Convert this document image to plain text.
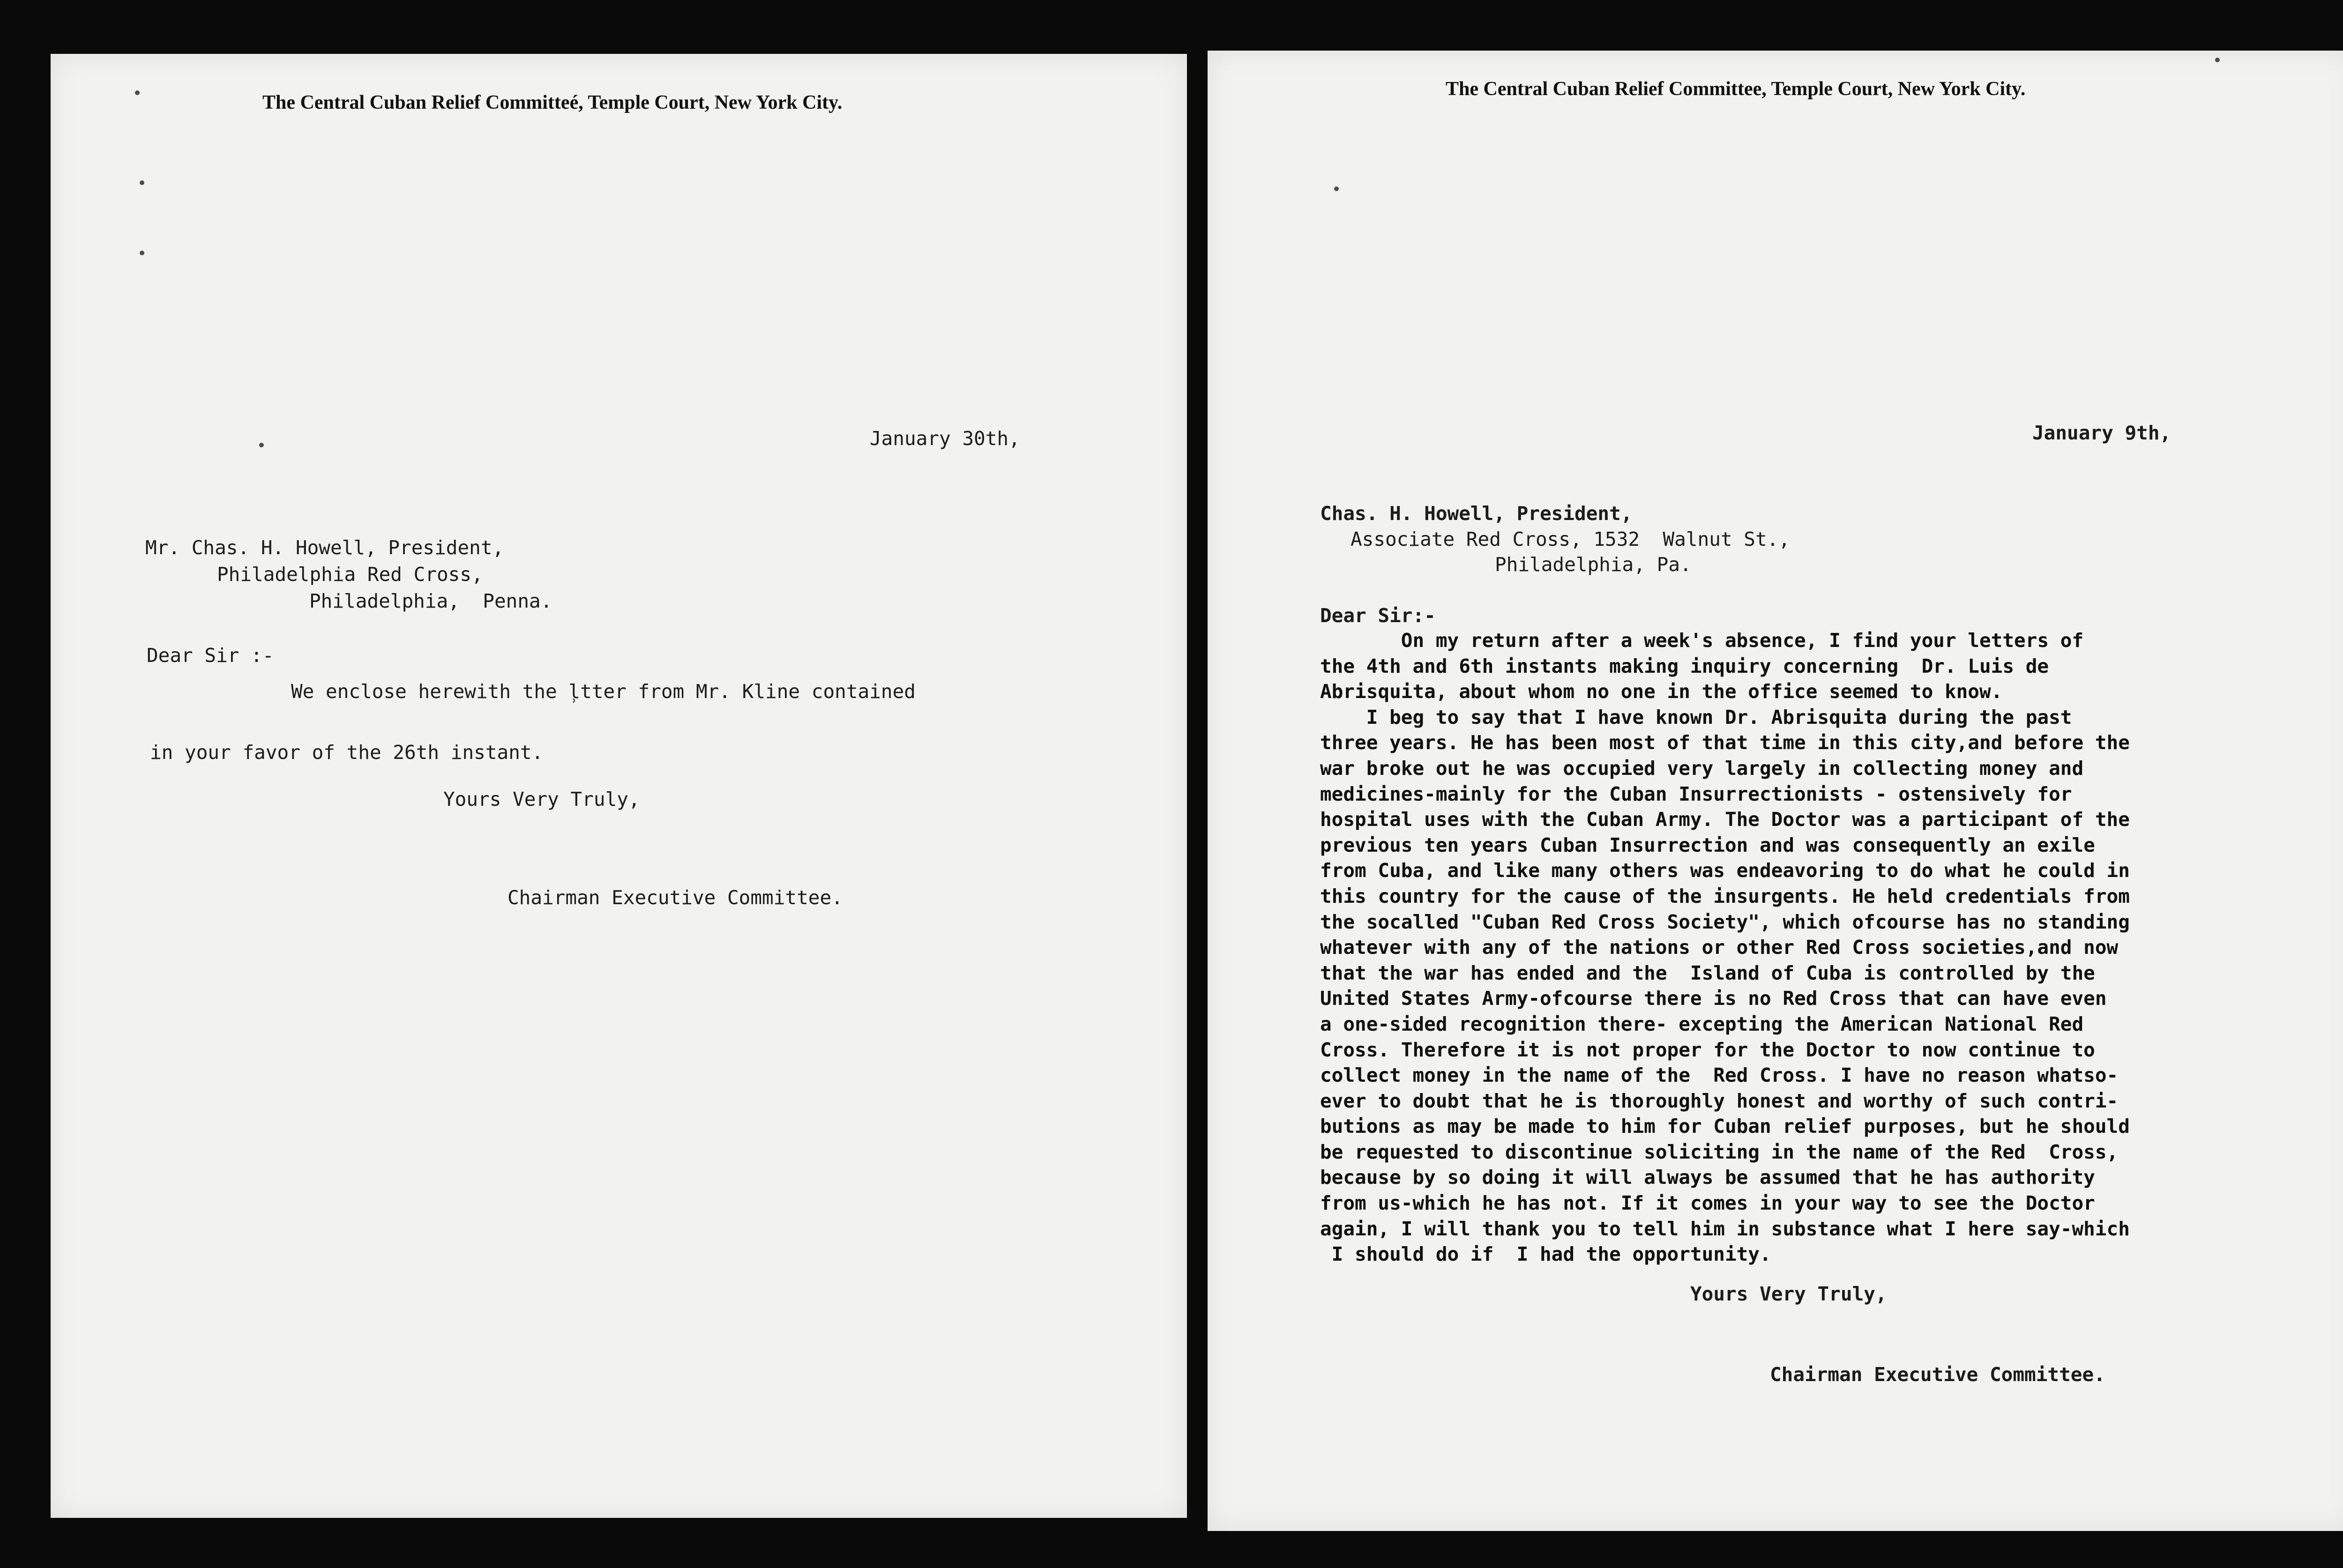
The Central Cuban Relief Committeé, Temple Court, New York City.
January 30th,
Mr. Chas. H. Howell, President,
Philadelphia Red Cross,
Philadelphia,  Penna.
Dear Sir :-
We enclose herewith the l̹tter from Mr. Kline contained
in your favor of the 26th instant.
Yours Very Truly,
Chairman Executive Committee.
The Central Cuban Relief Committee, Temple Court, New York City.
January 9th,
Chas. H. Howell, President,
Associate Red Cross, 1532  Walnut St.,
Philadelphia, Pa.
Dear Sir:-
On my return after a week's absence, I find your letters of
the 4th and 6th instants making inquiry concerning  Dr. Luis de
Abrisquita, about whom no one in the office seemed to know.
I beg to say that I have known Dr. Abrisquita during the past
three years. He has been most of that time in this city,and before the
war broke out he was occupied very largely in collecting money and
medicines-mainly for the Cuban Insurrectionists - ostensively for
hospital uses with the Cuban Army. The Doctor was a participant of the
previous ten years Cuban Insurrection and was consequently an exile
from Cuba, and like many others was endeavoring to do what he could in
this country for the cause of the insurgents. He held credentials from
the socalled "Cuban Red Cross Society", which ofcourse has no standing
whatever with any of the nations or other Red Cross societies,and now
that the war has ended and the  Island of Cuba is controlled by the
United States Army-ofcourse there is no Red Cross that can have even
a one-sided recognition there- excepting the American National Red
Cross. Therefore it is not proper for the Doctor to now continue to
collect money in the name of the  Red Cross. I have no reason whatso-
ever to doubt that he is thoroughly honest and worthy of such contri-
butions as may be made to him for Cuban relief purposes, but he should
be requested to discontinue soliciting in the name of the Red  Cross,
because by so doing it will always be assumed that he has authority
from us-which he has not. If it comes in your way to see the Doctor
again, I will thank you to tell him in substance what I here say-which
I should do if  I had the opportunity.
Yours Very Truly,
Chairman Executive Committee.
